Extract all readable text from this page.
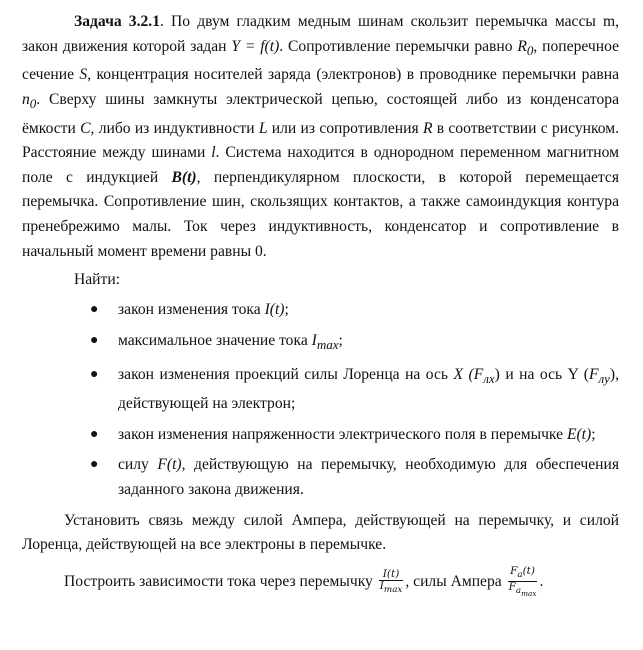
Задача 3.2.1. По двум гладким медным шинам скользит перемычка массы m, закон движения которой задан Y = f(t). Сопротивление перемычки равно $R_0$, поперечное сечение S, концентрация носителей заряда (электронов) в проводнике перемычки равна $n_0$. Сверху шины замкнуты электрической цепью, состоящей либо из конденсатора ёмкости C, либо из индуктивности L или из сопротивления R в соответствии с рисунком. Расстояние между шинами l. Система находится в однородном переменном магнитном поле с индукцией B(t), перпендикулярном плоскости, в которой перемещается перемычка. Сопротивление шин, скользящих контактов, а также самоиндукция контура пренебрежимо малы. Ток через индуктивность, конденсатор и сопротивление в начальный момент времени равны 0.

Найти:
● закон изменения тока I(t);
● максимальное значение тока $I_{max}$;
● закон изменения проекций силы Лоренца на ось X $(F_{лx})$ и на ось Y $(F_{лy})$, действующей на электрон;
● закон изменения напряженности электрического поля в перемычке E(t);
● силу F(t), действующую на перемычку, необходимую для обеспечения заданного закона движения.

Установить связь между силой Ампера, действующей на перемычку, и силой Лоренца, действующей на все электроны в перемычке.

Построить зависимости тока через перемычку $\frac{I(t)}{I_{max}}$ , силы Ампера $\frac{F_a(t)}{F_{a_{max}}}$ .
